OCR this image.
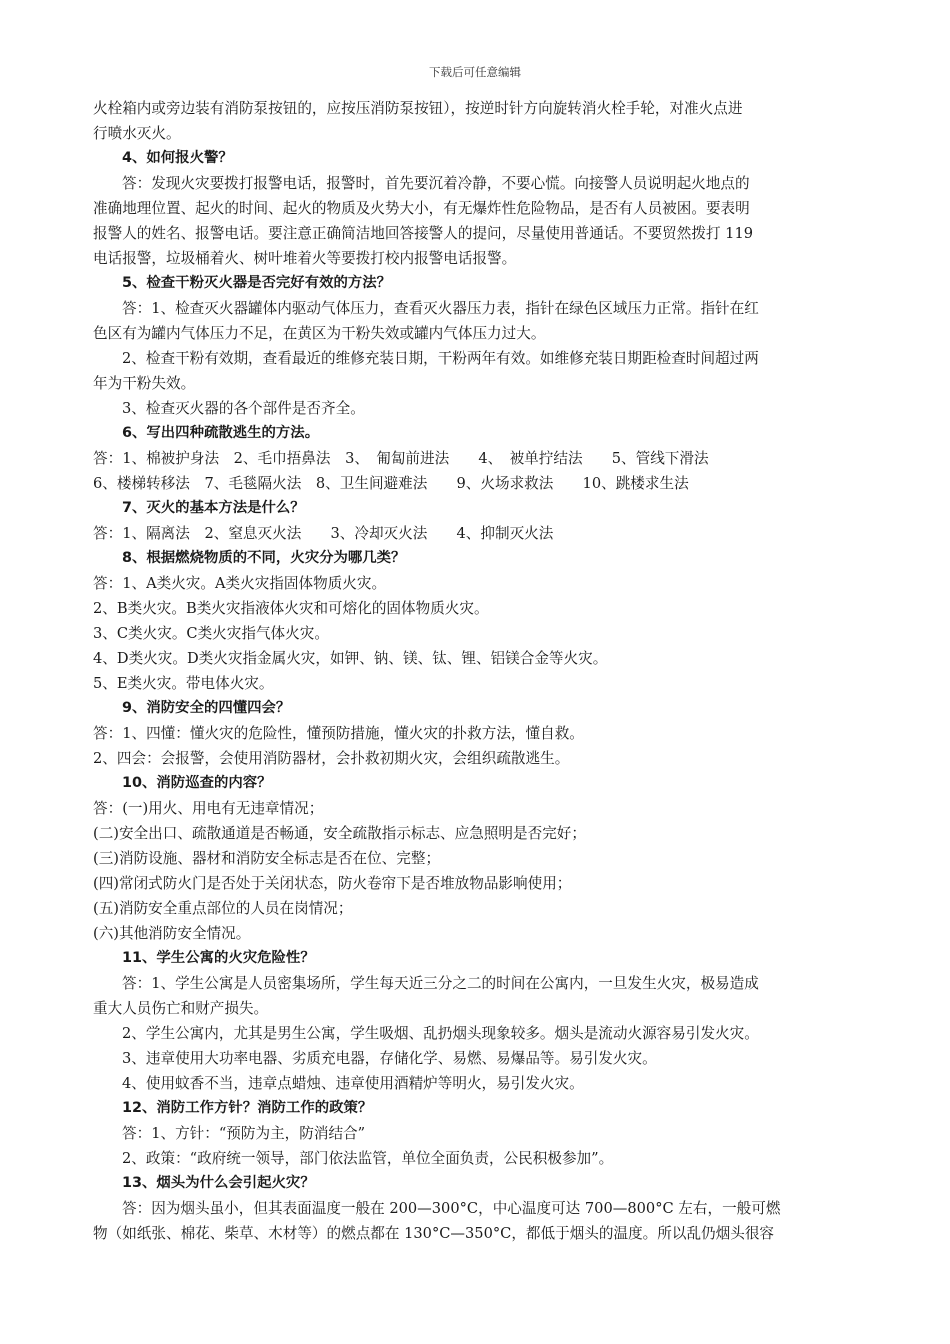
下载后可任意编辑

火栓箱内或旁边装有消防泵按钮的，应按压消防泵按钮），按逆时针方向旋转消火栓手轮，对准火点进

行喷水灭火。

4、如何报火警？

答：发现火灾要拨打报警电话，报警时，首先要沉着冷静，不要心慌。向接警人员说明起火地点的

准确地理位置、起火的时间、起火的物质及火势大小，有无爆炸性危险物品，是否有人员被困。要表明

报警人的姓名、报警电话。要注意正确简洁地回答接警人的提问，尽量使用普通话。不要贸然拨打 119

电话报警，垃圾桶着火、树叶堆着火等要拨打校内报警电话报警。

5、检查干粉灭火器是否完好有效的方法？

答：1、检查灭火器罐体内驱动气体压力，查看灭火器压力表，指针在绿色区域压力正常。指针在红

色区有为罐内气体压力不足，在黄区为干粉失效或罐内气体压力过大。

2、检查干粉有效期，查看最近的维修充装日期，干粉两年有效。如维修充装日期距检查时间超过两

年为干粉失效。

3、检查灭火器的各个部件是否齐全。

6、写出四种疏散逃生的方法。

答：1、棉被护身法　2、毛巾捂鼻法　3、　匍匐前进法　　4、　被单拧结法　　5、管线下滑法

6、楼梯转移法　7、毛毯隔火法　8、卫生间避难法　　9、火场求救法　　10、跳楼求生法

7、灭火的基本方法是什么？

答：1、隔离法　2、窒息灭火法　　3、冷却灭火法　　4、抑制灭火法

8、根据燃烧物质的不同，火灾分为哪几类？

答：1、A类火灾。A类火灾指固体物质火灾。

2、B类火灾。B类火灾指液体火灾和可熔化的固体物质火灾。

3、C类火灾。C类火灾指气体火灾。

4、D类火灾。D类火灾指金属火灾，如钾、钠、镁、钛、锂、铝镁合金等火灾。

5、E类火灾。带电体火灾。

9、消防安全的四懂四会？

答：1、四懂：懂火灾的危险性，懂预防措施，懂火灾的扑救方法，懂自救。

2、四会：会报警，会使用消防器材，会扑救初期火灾，会组织疏散逃生。

10、消防巡查的内容？

答：(一)用火、用电有无违章情况；

(二)安全出口、疏散通道是否畅通，安全疏散指示标志、应急照明是否完好；

(三)消防设施、器材和消防安全标志是否在位、完整；

(四)常闭式防火门是否处于关闭状态，防火卷帘下是否堆放物品影响使用；

(五)消防安全重点部位的人员在岗情况；

(六)其他消防安全情况。

11、学生公寓的火灾危险性？

答：1、学生公寓是人员密集场所，学生每天近三分之二的时间在公寓内，一旦发生火灾，极易造成

重大人员伤亡和财产损失。

2、学生公寓内，尤其是男生公寓，学生吸烟、乱扔烟头现象较多。烟头是流动火源容易引发火灾。

3、违章使用大功率电器、劣质充电器，存储化学、易燃、易爆品等。易引发火灾。

4、使用蚊香不当，违章点蜡烛、违章使用酒精炉等明火，易引发火灾。

12、消防工作方针？消防工作的政策？

答：1、方针：“预防为主，防消结合”

2、政策：“政府统一领导，部门依法监管，单位全面负责，公民积极参加”。

13、烟头为什么会引起火灾？

答：因为烟头虽小，但其表面温度一般在 200—300°C，中心温度可达 700—800°C 左右，一般可燃

物（如纸张、棉花、柴草、木材等）的燃点都在 130°C—350°C，都低于烟头的温度。所以乱仍烟头很容
